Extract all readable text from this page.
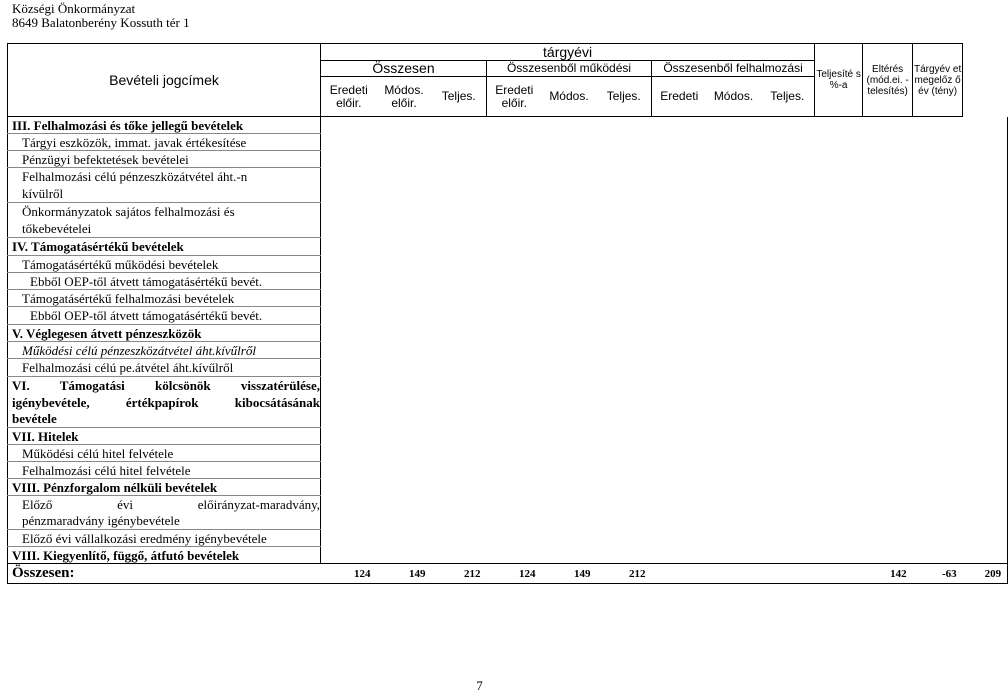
Községi Önkormányzat
8649 Balatonberény Kossuth tér 1
Bevételi jogcímek	tárgyévi									Teljesíté s %-a	Eltérés (mód.ei. - telesítés)	Tárgyév et megelőz ő év (tény)	
	Összesen			Összesenből működési			Összesenből felhalmozási						
	Eredeti előir.	Módos. előir.	Teljes.	Eredeti előir.	Módos.	Teljes.	Eredeti	Módos.	Teljes.				
III. Felhalmozási és tőke jellegű bevételek													
Tárgyi eszközök, immat. javak értékesítése													
Pénzügyi befektetések bevételei													
Felhalmozási célú pénzeszközátvétel áht.-n													
kívülről													
Önkormányzatok sajátos felhalmozási és													
tőkebevételei													
IV. Támogatásértékű bevételek													
Támogatásértékű működési bevételek													
Ebből OEP-től átvett támogatásértékű bevét.													
Támogatásértékű felhalmozási bevételek													
Ebből OEP-től átvett támogatásértékű bevét.													
V. Véglegesen átvett pénzeszközök													
Működési célú pénzeszközátvétel áht.kívűlről													
Felhalmozási célú pe.átvétel áht.kívűlről													
VI. Támogatási kölcsönök visszatérülése,													
igénybevétele, értékpapírok kibocsátásának													
bevétele													
VII. Hitelek													
Működési célú hitel felvétele													
Felhalmozási célú hitel felvétele													
VIII. Pénzforgalom nélküli bevételek													
Előző évi előirányzat-maradvány,													
pénzmaradvány igénybevétele													
Előző évi vállalkozási eredmény igénybevétele													
VIII. Kiegyenlítő, függő, átfutó bevételek													
Összesen:	124	149	212	124	149	212					142	-63	209
7
